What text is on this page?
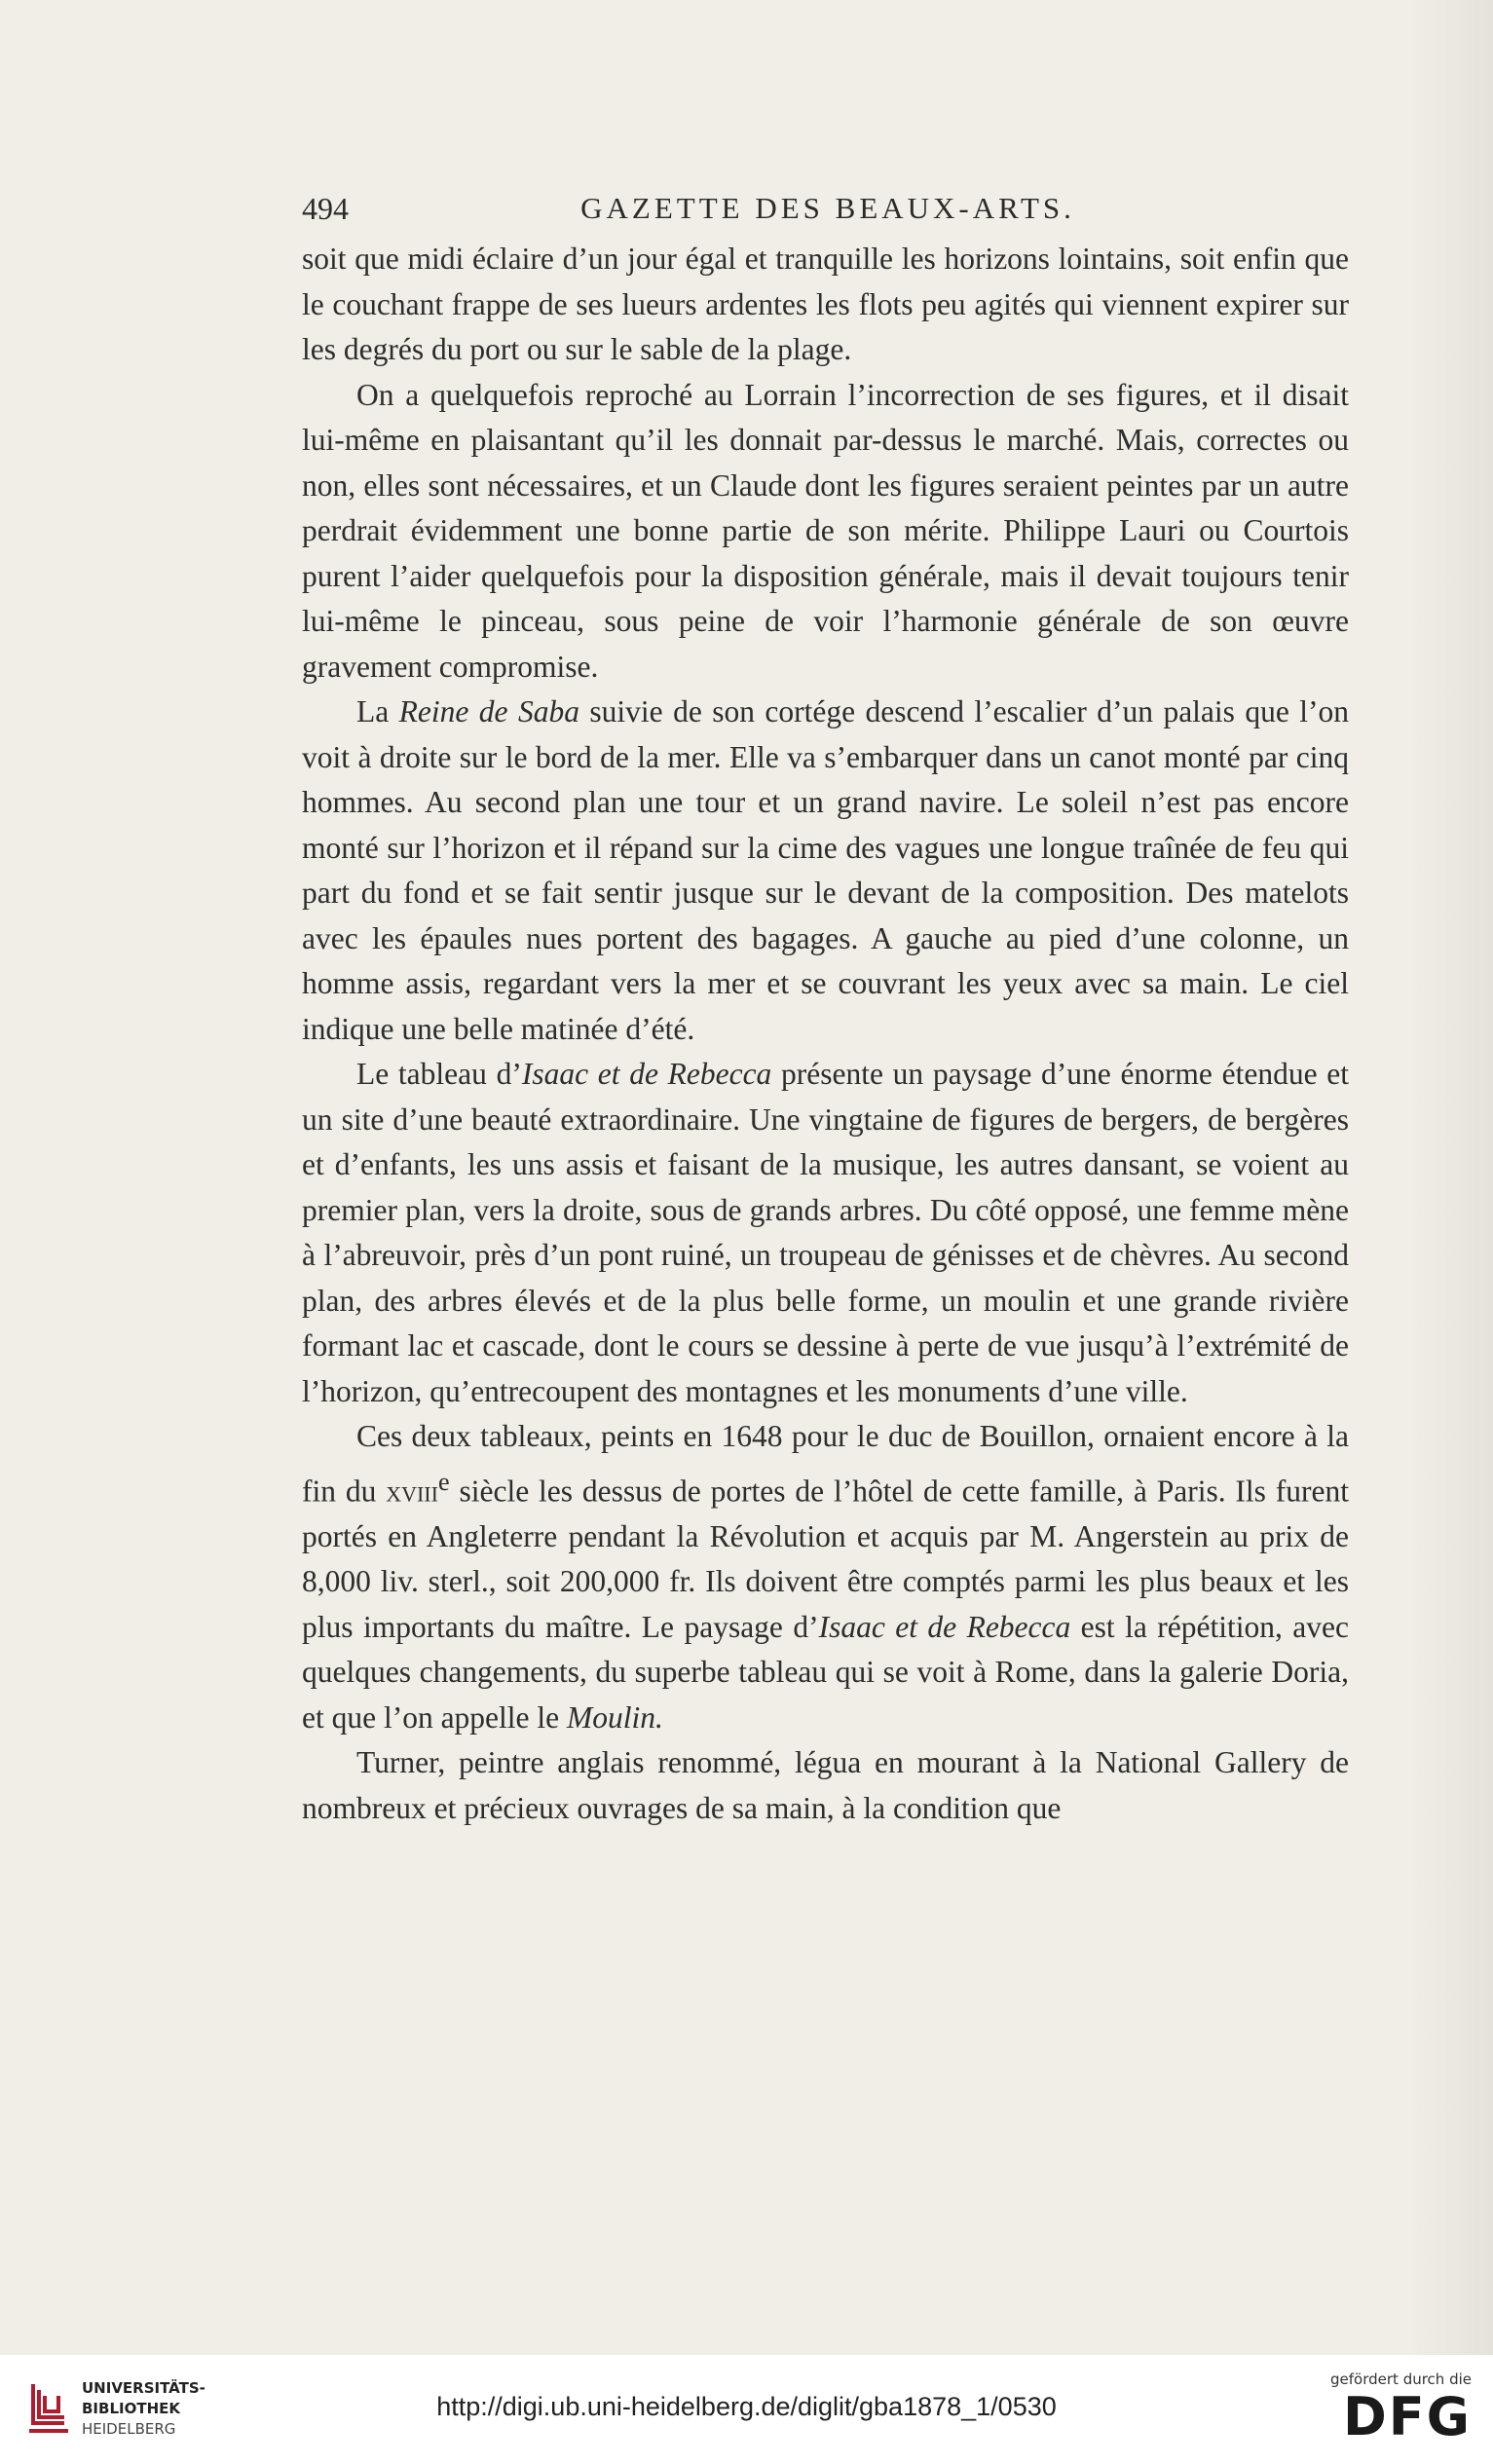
494	GAZETTE DES BEAUX-ARTS.

soit que midi éclaire d’un jour égal et tranquille les horizons lointains, soit enfin que le couchant frappe de ses lueurs ardentes les flots peu agités qui viennent expirer sur les degrés du port ou sur le sable de la plage.

On a quelquefois reproché au Lorrain l’incorrection de ses figures, et il disait lui-même en plaisantant qu’il les donnait par-dessus le marché. Mais, correctes ou non, elles sont nécessaires, et un Claude dont les figures seraient peintes par un autre perdrait évidemment une bonne partie de son mérite. Philippe Lauri ou Courtois purent l’aider quelquefois pour la disposition générale, mais il devait toujours tenir lui-même le pinceau, sous peine de voir l’harmonie générale de son œuvre gravement compromise.

La Reine de Saba suivie de son cortége descend l’escalier d’un palais que l’on voit à droite sur le bord de la mer. Elle va s’embarquer dans un canot monté par cinq hommes. Au second plan une tour et un grand navire. Le soleil n’est pas encore monté sur l’horizon et il répand sur la cime des vagues une longue traînée de feu qui part du fond et se fait sentir jusque sur le devant de la composition. Des matelots avec les épaules nues portent des bagages. A gauche au pied d’une colonne, un homme assis, regardant vers la mer et se couvrant les yeux avec sa main. Le ciel indique une belle matinée d’été.

Le tableau d’Isaac et de Rebecca présente un paysage d’une énorme étendue et un site d’une beauté extraordinaire. Une vingtaine de figures de bergers, de bergères et d’enfants, les uns assis et faisant de la musique, les autres dansant, se voient au premier plan, vers la droite, sous de grands arbres. Du côté opposé, une femme mène à l’abreuvoir, près d’un pont ruiné, un troupeau de génisses et de chèvres. Au second plan, des arbres élevés et de la plus belle forme, un moulin et une grande rivière formant lac et cascade, dont le cours se dessine à perte de vue jusqu’à l’extrémité de l’horizon, qu’entrecoupent des montagnes et les monuments d’une ville.

Ces deux tableaux, peints en 1648 pour le duc de Bouillon, ornaient encore à la fin du xviii$^e$ siècle les dessus de portes de l’hôtel de cette famille, à Paris. Ils furent portés en Angleterre pendant la Révolution et acquis par M. Angerstein au prix de 8,000 liv. sterl., soit 200,000 fr. Ils doivent être comptés parmi les plus beaux et les plus importants du maître. Le paysage d’Isaac et de Rebecca est la répétition, avec quelques changements, du superbe tableau qui se voit à Rome, dans la galerie Doria, et que l’on appelle le Moulin.

Turner, peintre anglais renommé, légua en mourant à la National Gallery de nombreux et précieux ouvrages de sa main, à la condition que

UNIVERSITÄTS-
BIBLIOTHEK
HEIDELBERG
http://digi.ub.uni-heidelberg.de/diglit/gba1878_1/0530
gefördert durch die
DFG
